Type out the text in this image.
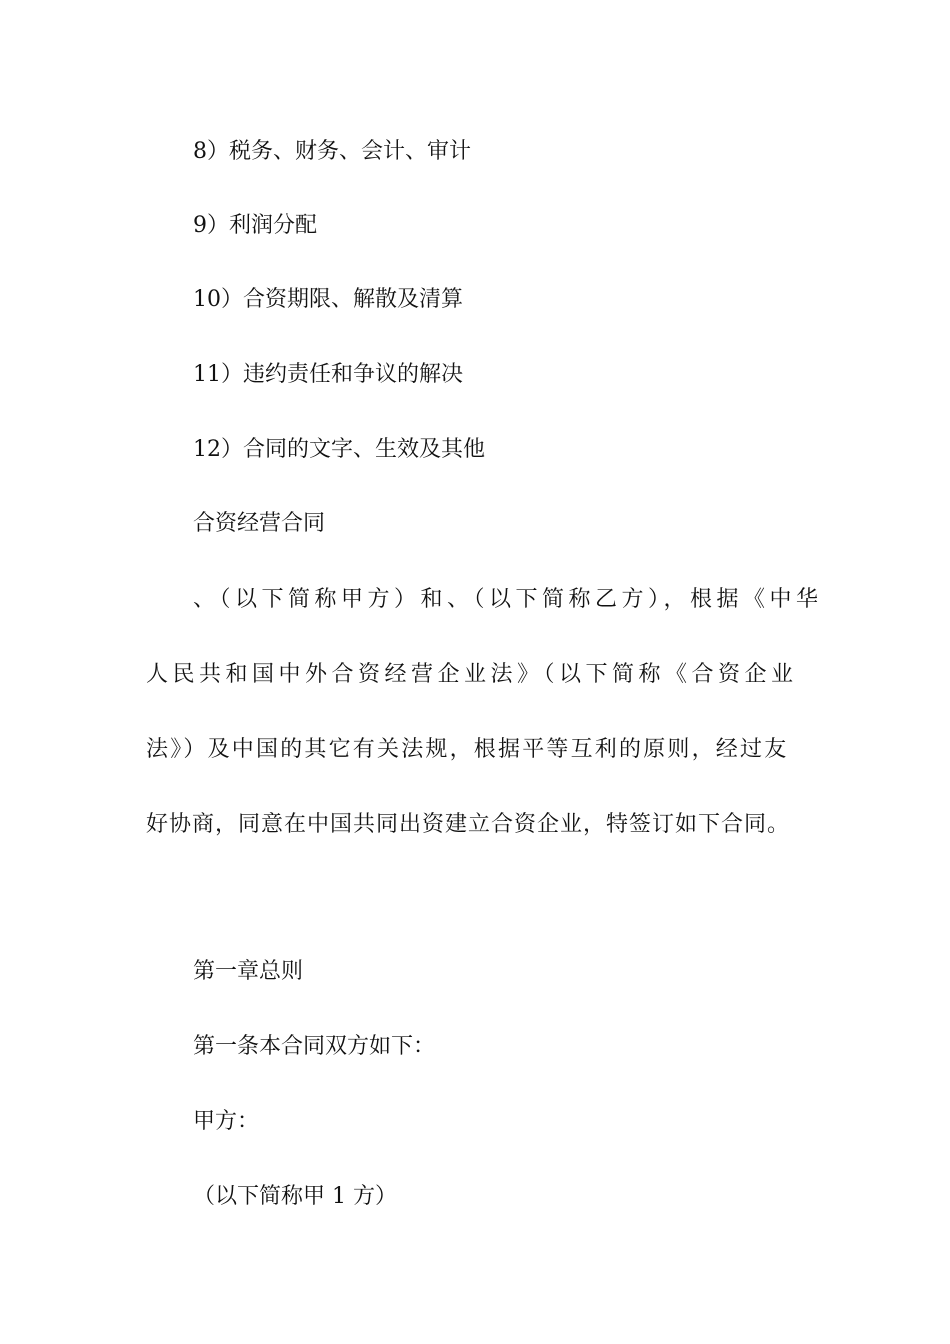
8）税务、财务、会计、审计
9）利润分配
10）合资期限、解散及清算
11）违约责任和争议的解决
12）合同的文字、生效及其他
合资经营合同
、（以下简称甲方）和、（以下简称乙方），根据《中华
人民共和国中外合资经营企业法》（以下简称《合资企业
法》）及中国的其它有关法规，根据平等互利的原则，经过友
好协商，同意在中国共同出资建立合资企业，特签订如下合同。
第一章总则
第一条本合同双方如下：
甲方：
（以下简称甲 1 方）
